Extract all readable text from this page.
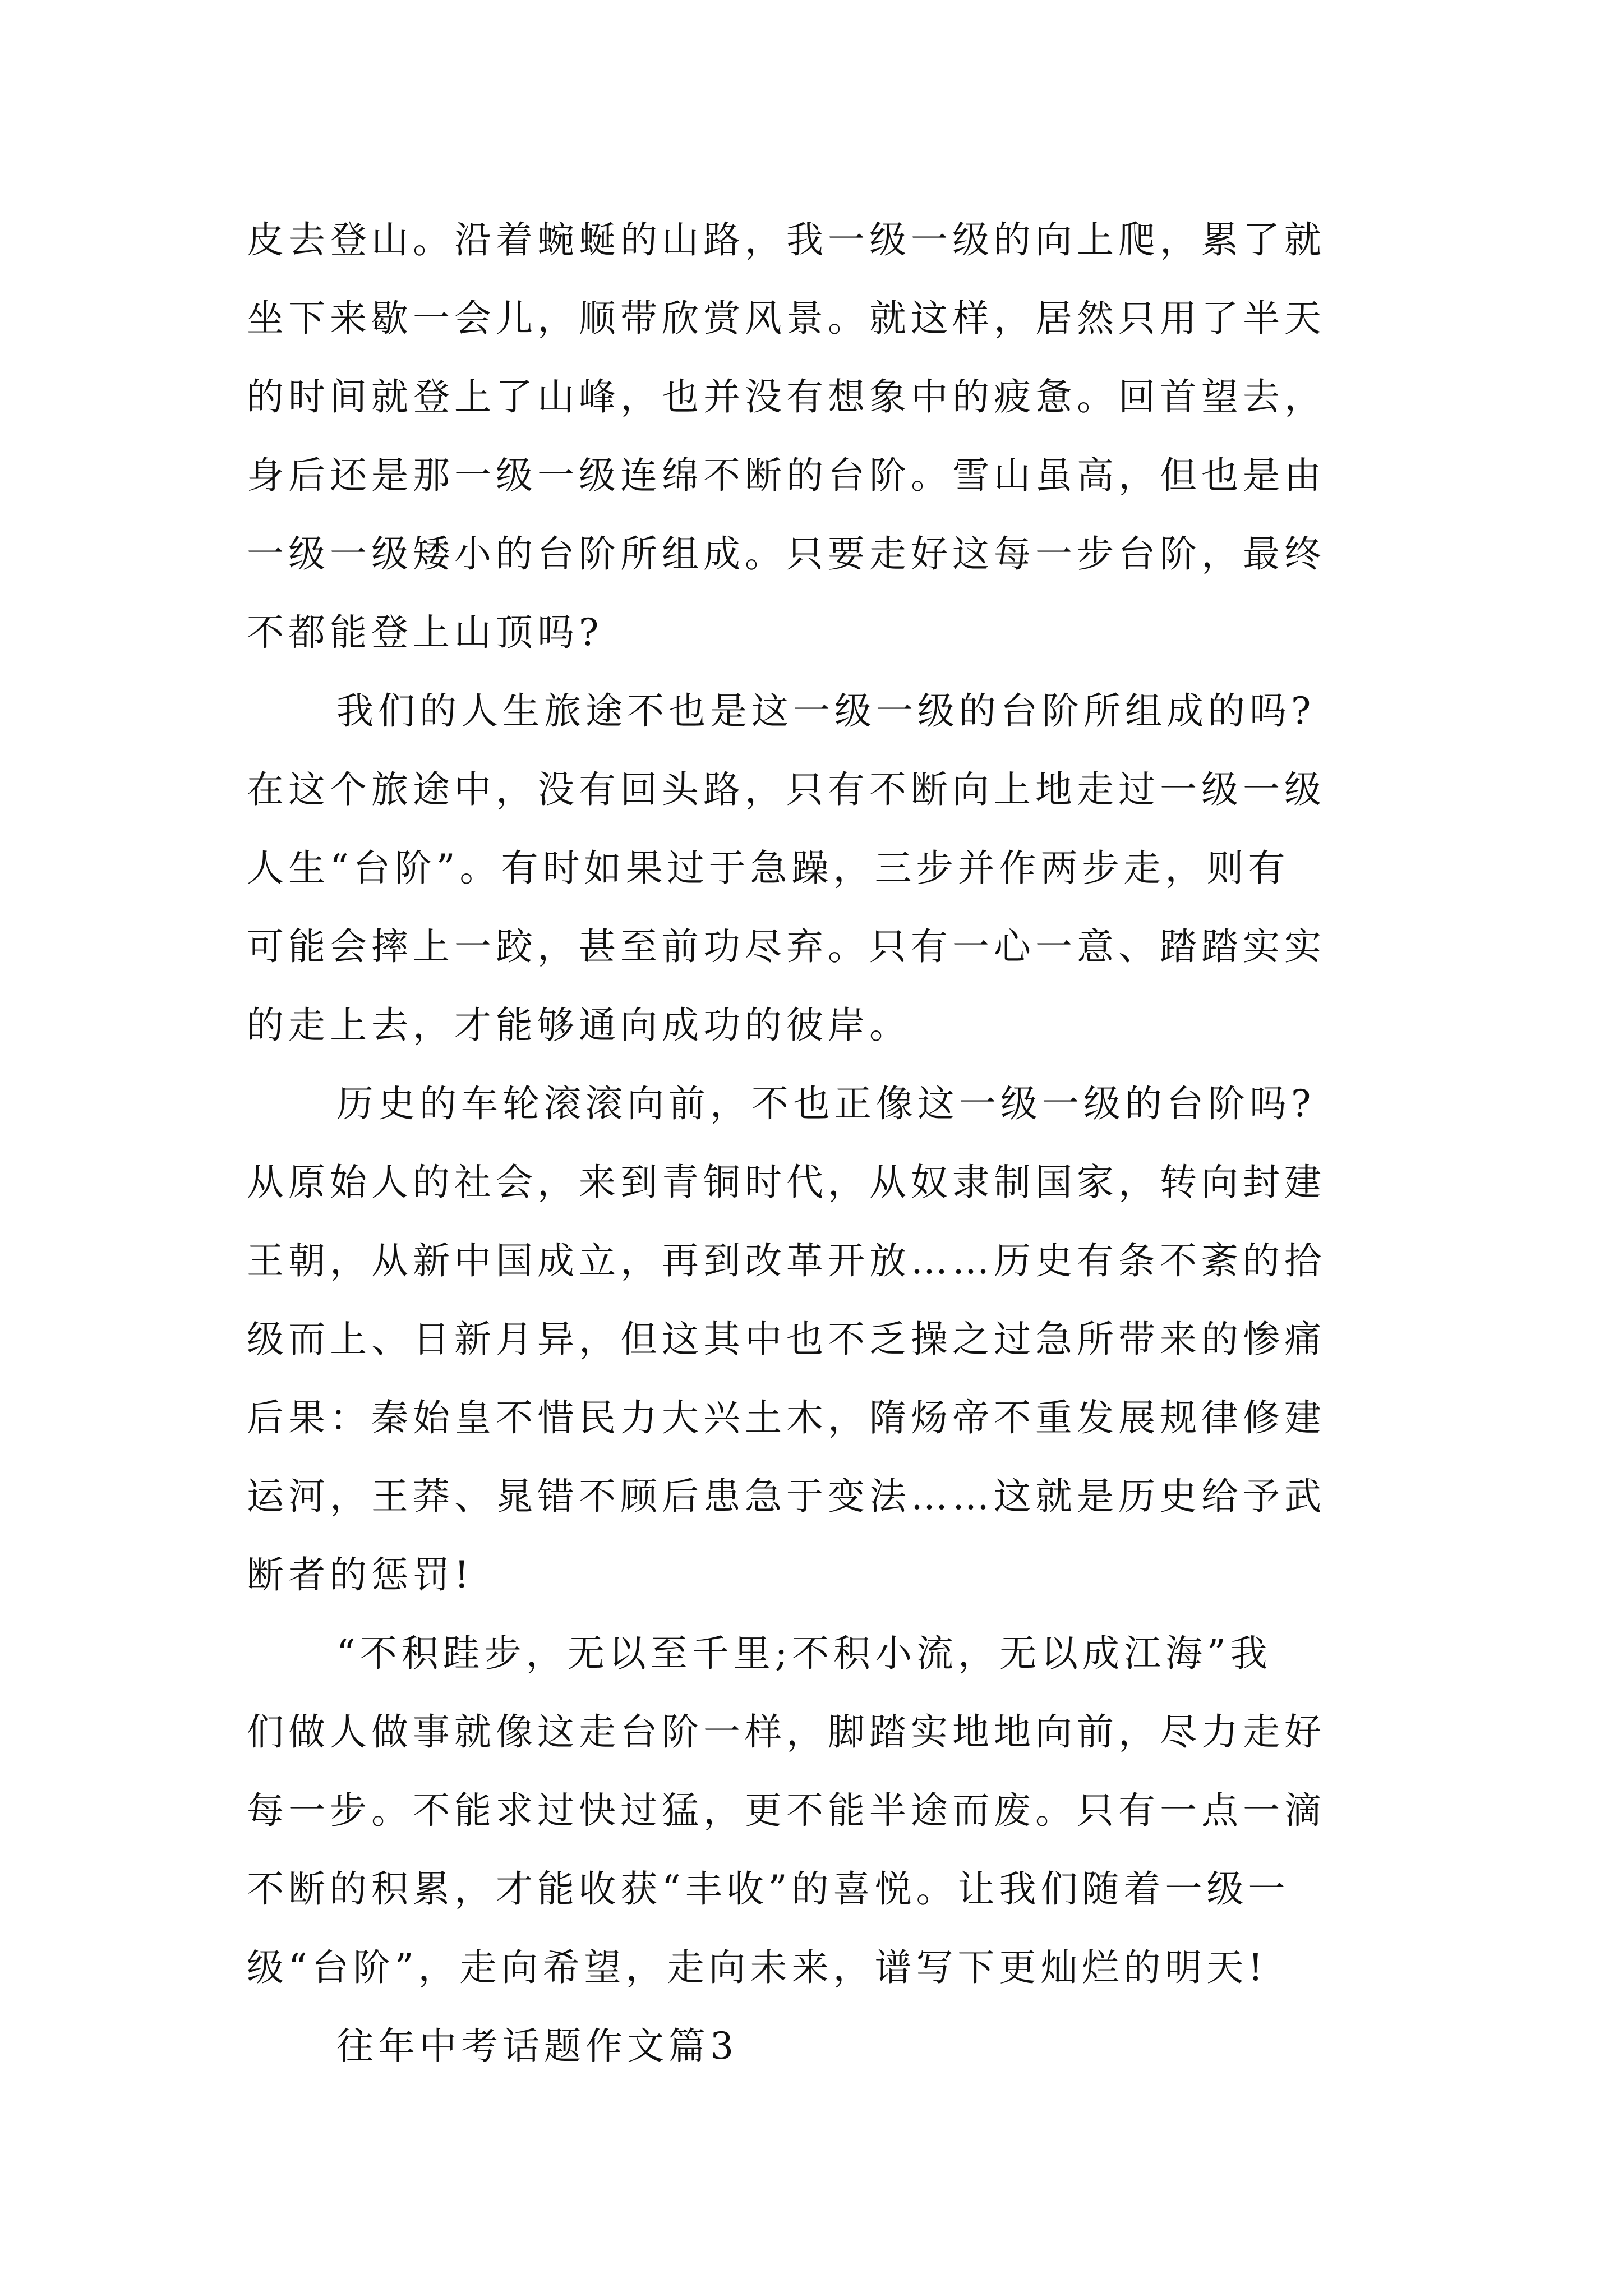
皮去登山。沿着蜿蜒的山路，我一级一级的向上爬，累了就
坐下来歇一会儿，顺带欣赏风景。就这样，居然只用了半天
的时间就登上了山峰，也并没有想象中的疲惫。回首望去，
身后还是那一级一级连绵不断的台阶。雪山虽高，但也是由
一级一级矮小的台阶所组成。只要走好这每一步台阶，最终
不都能登上山顶吗?
我们的人生旅途不也是这一级一级的台阶所组成的吗?
在这个旅途中，没有回头路，只有不断向上地走过一级一级
人生“台阶”。有时如果过于急躁，三步并作两步走，则有
可能会摔上一跤，甚至前功尽弃。只有一心一意、踏踏实实
的走上去，才能够通向成功的彼岸。
历史的车轮滚滚向前，不也正像这一级一级的台阶吗?
从原始人的社会，来到青铜时代，从奴隶制国家，转向封建
王朝，从新中国成立，再到改革开放……历史有条不紊的拾
级而上、日新月异，但这其中也不乏操之过急所带来的惨痛
后果：秦始皇不惜民力大兴土木，隋炀帝不重发展规律修建
运河，王莽、晁错不顾后患急于变法……这就是历史给予武
断者的惩罚!
“不积跬步，无以至千里;不积小流，无以成江海”我
们做人做事就像这走台阶一样，脚踏实地地向前，尽力走好
每一步。不能求过快过猛，更不能半途而废。只有一点一滴
不断的积累，才能收获“丰收”的喜悦。让我们随着一级一
级“台阶”，走向希望，走向未来，谱写下更灿烂的明天!
往年中考话题作文篇3
